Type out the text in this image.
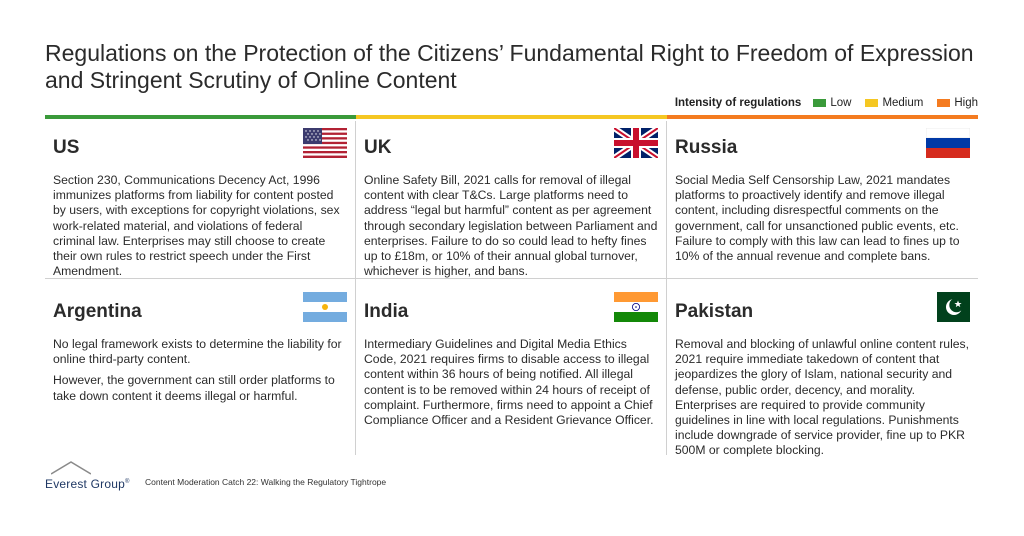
Regulations on the Protection of the Citizens’ Fundamental Right to Freedom of Expression and Stringent Scrutiny of Online Content
Intensity of regulations	Low	Medium	High
US

Section 230, Communications Decency Act, 1996 immunizes platforms from liability for content posted by users, with exceptions for copyright violations, sex work-related material, and violations of federal criminal law. Enterprises may still choose to create their own rules to restrict speech under the First Amendment.

UK

Online Safety Bill, 2021 calls for removal of illegal content with clear T&Cs. Large platforms need to address “legal but harmful” content as per agreement through secondary legislation between Parliament and enterprises. Failure to do so could lead to hefty fines up to £18m, or 10% of their annual global turnover, whichever is higher, and bans.

Russia

Social Media Self Censorship Law, 2021 mandates platforms to proactively identify and remove illegal content, including disrespectful comments on the government, call for unsanctioned public events, etc. Failure to comply with this law can lead to fines up to 10% of the annual revenue and complete bans.

Argentina

No legal framework exists to determine the liability for online third-party content.

However, the government can still order platforms to take down content it deems illegal or harmful.

India

Intermediary Guidelines and Digital Media Ethics Code, 2021 requires firms to disable access to illegal content within 36 hours of being notified. All illegal content is to be removed within 24 hours of receipt of complaint. Furthermore, firms need to appoint a Chief Compliance Officer and a Resident Grievance Officer.

Pakistan

Removal and blocking of unlawful online content rules, 2021 require immediate takedown of content that jeopardizes the glory of Islam, national security and defense, public order, decency, and morality. Enterprises are required to provide community guidelines in line with local regulations. Punishments include downgrade of service provider, fine up to PKR 500M or complete blocking.

Everest Group® Content Moderation Catch 22: Walking the Regulatory Tightrope
